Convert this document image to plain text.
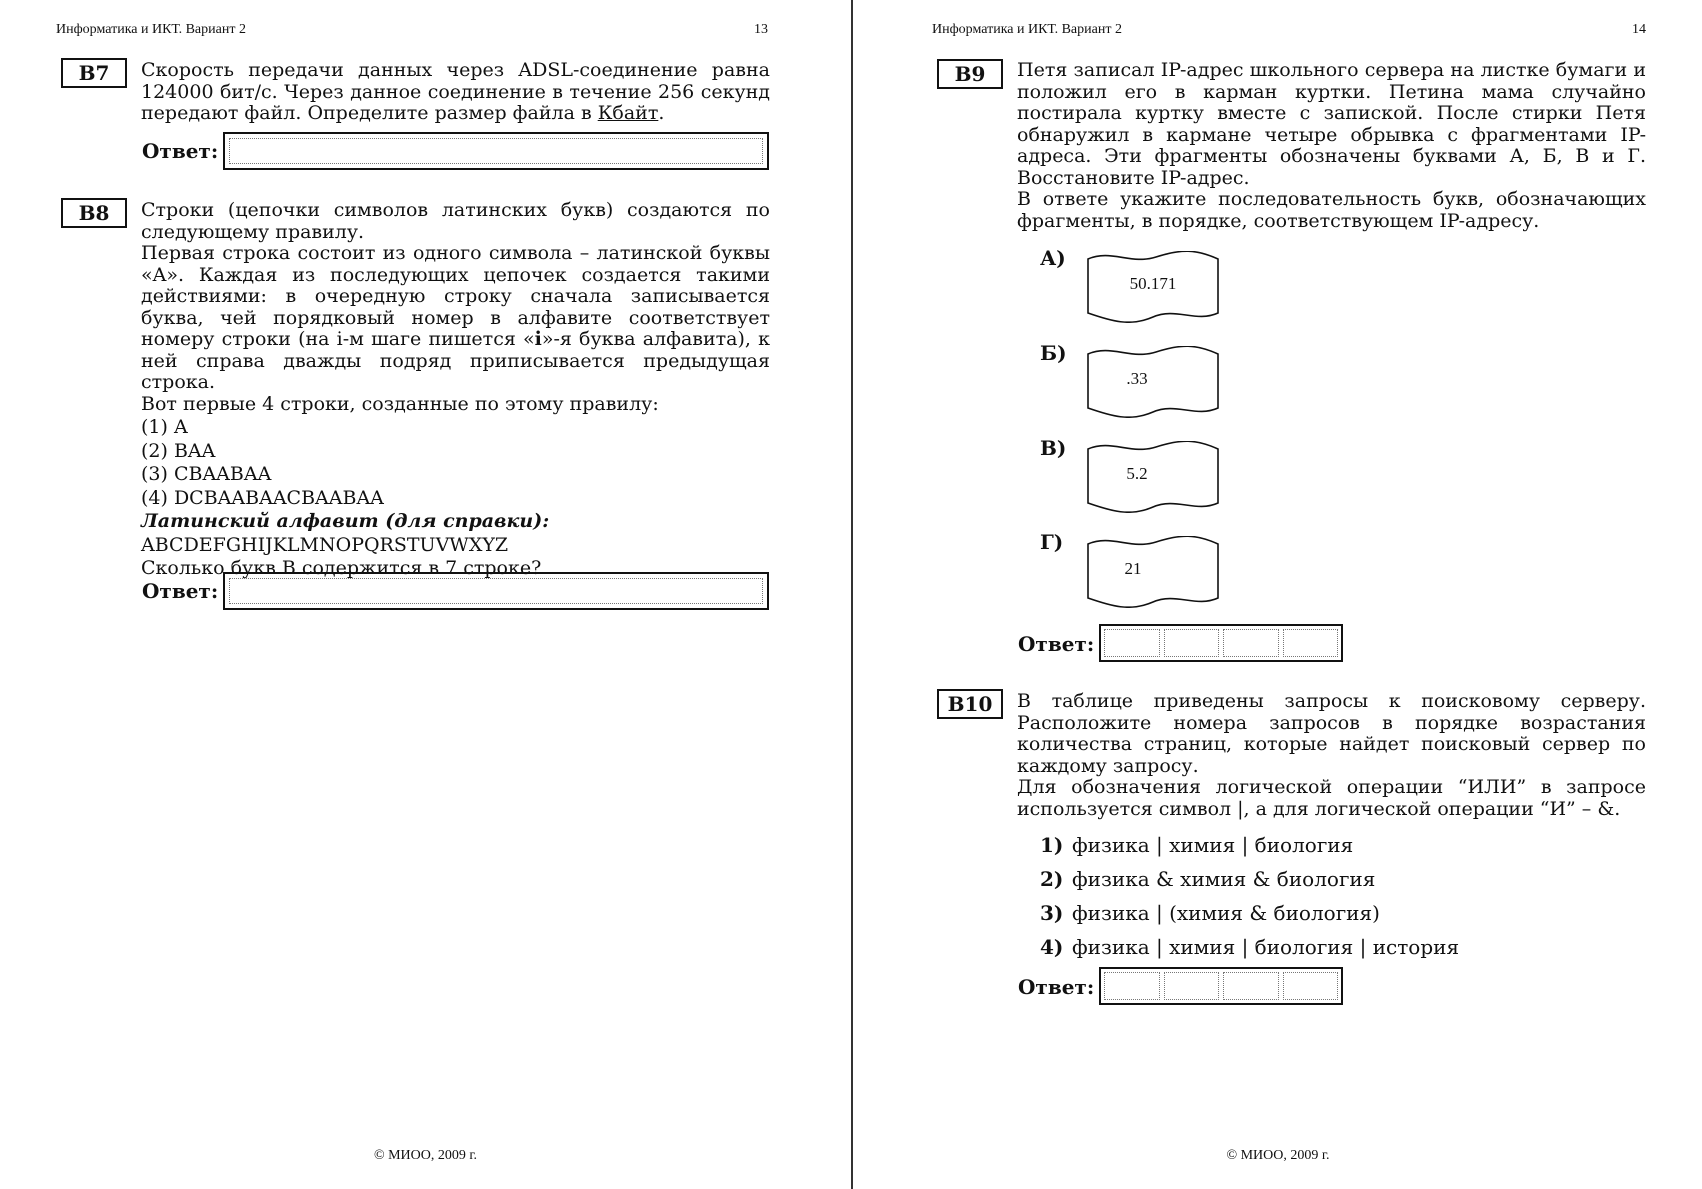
Информатика и ИКТ. Вариант 2	13
B7	Скорость передачи данных через ADSL-соединение равна 124000 бит/с. Через данное соединение в течение 256 секунд передают файл. Определите размер файла в Кбайт.

Ответ:
B8	Строки (цепочки символов латинских букв) создаются по следующему правилу.

Первая строка состоит из одного символа – латинской буквы «A». Каждая из последующих цепочек создается такими действиями: в очередную строку сначала записывается буква, чей порядковый номер в алфавите соответствует номеру строки (на i-м шаге пишется «i»-я буква алфавита), к ней справа дважды подряд приписывается предыдущая строка.

Вот первые 4 строки, созданные по этому правилу:

(1) A

(2) BAA

(3) CBAABAA

(4) DCBAABAACBAABAA

Латинский алфавит (для справки):

ABCDEFGHIJKLMNOPQRSTUVWXYZ

Сколько букв B содержится в 7 строке?

Ответ:
© МИОО, 2009 г.
Информатика и ИКТ. Вариант 2	14
B9	Петя записал IP-адрес школьного сервера на листке бумаги и положил его в карман куртки. Петина мама случайно постирала куртку вместе с запиской. После стирки Петя обнаружил в кармане четыре обрывка с фрагментами IP-адреса. Эти фрагменты обозначены буквами А, Б, В и Г. Восстановите IP-адрес.

В ответе укажите последовательность букв, обозначающих фрагменты, в порядке, соответствующем IP-адресу.

А)
50.171
Б)
.33
В)
5.2
Г)
21
Ответ:
B10	В таблице приведены запросы к поисковому серверу. Расположите номера запросов в порядке возрастания количества страниц, которые найдет поисковый сервер по каждому запросу.

Для обозначения логической операции “ИЛИ” в запросе используется символ |, а для логической операции “И” – &.

1) физика | химия | биология
2) физика & химия & биология
3) физика | (химия & биология)
4) физика | химия | биология | история
Ответ:
© МИОО, 2009 г.
